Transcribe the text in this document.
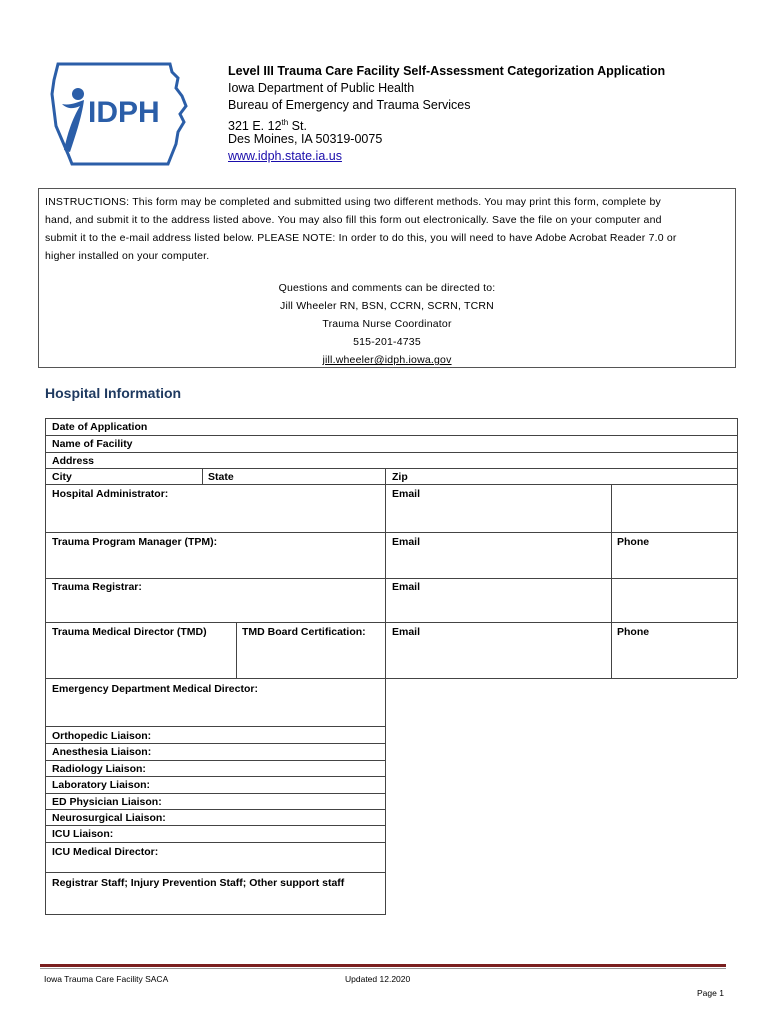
IDPH
Level III Trauma Care Facility Self-Assessment Categorization Application
Iowa Department of Public Health
Bureau of Emergency and Trauma Services
321 E. 12th St.
Des Moines, IA 50319-0075
www.idph.state.ia.us
INSTRUCTIONS: This form may be completed and submitted using two different methods. You may print this form, complete by
hand, and submit it to the address listed above. You may also fill this form out electronically. Save the file on your computer and
submit it to the e-mail address listed below. PLEASE NOTE: In order to do this, you will need to have Adobe Acrobat Reader 7.0 or
higher installed on your computer.
Questions and comments can be directed to:
Jill Wheeler RN, BSN, CCRN, SCRN, TCRN
Trauma Nurse Coordinator
515-201-4735
jill.wheeler@idph.iowa.gov
Hospital Information
Date of Application
Name of Facility
Address
City	State	Zip
Hospital Administrator:	Email
Trauma Program Manager (TPM):	Email	Phone
Trauma Registrar:	Email
Trauma Medical Director (TMD)	TMD Board Certification:	Email	Phone
Emergency Department Medical Director:
Orthopedic Liaison:
Anesthesia Liaison:
Radiology Liaison:
Laboratory Liaison:
ED Physician Liaison:
Neurosurgical Liaison:
ICU Liaison:
ICU Medical Director:
Registrar Staff; Injury Prevention Staff; Other support staff
Iowa Trauma Care Facility SACA	Updated 12.2020
Page 1
